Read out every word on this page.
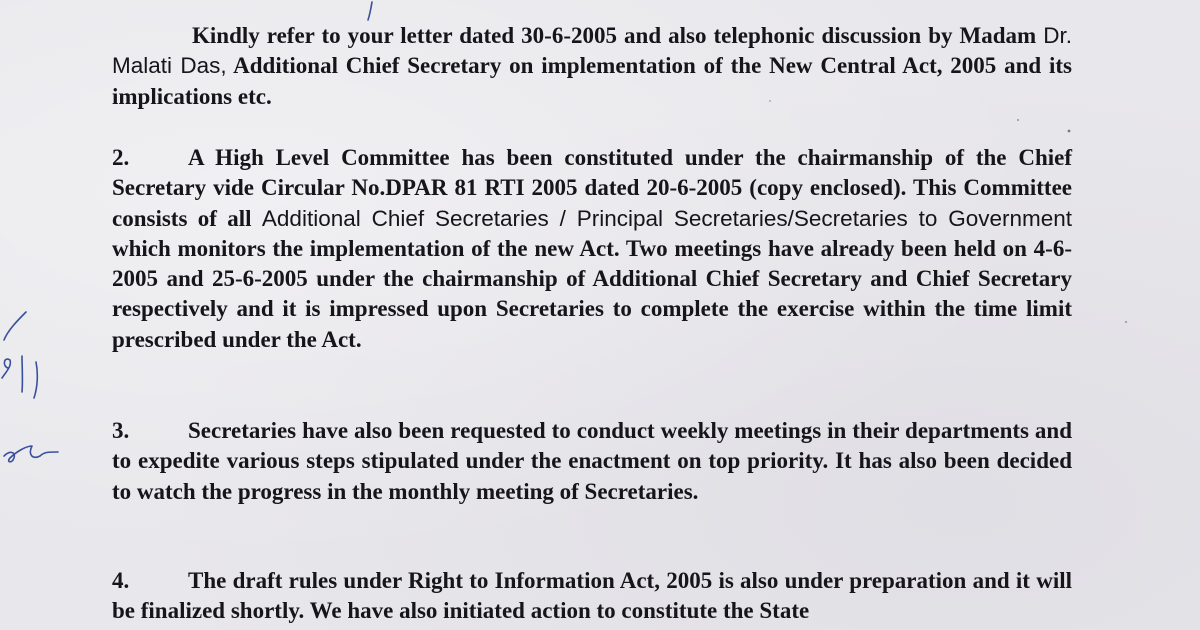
Kindly refer to your letter dated 30-6-2005 and also telephonic discussion by Madam Dr. Malati Das, Additional Chief Secretary on implementation of the New Central Act, 2005 and its implications etc.

2.	A High Level Committee has been constituted under the chairmanship of the Chief Secretary vide Circular No.DPAR 81 RTI 2005 dated 20-6-2005 (copy enclosed). This Committee consists of all Additional Chief Secretaries / Principal Secretaries/Secretaries to Government which monitors the implementation of the new Act. Two meetings have already been held on 4-6-2005 and 25-6-2005 under the chairmanship of Additional Chief Secretary and Chief Secretary respectively and it is impressed upon Secretaries to complete the exercise within the time limit prescribed under the Act.

3.	Secretaries have also been requested to conduct weekly meetings in their departments and to expedite various steps stipulated under the enactment on top priority. It has also been decided to watch the progress in the monthly meeting of Secretaries.

4.	The draft rules under Right to Information Act, 2005 is also under preparation and it will be finalized shortly. We have also initiated action to constitute the State
